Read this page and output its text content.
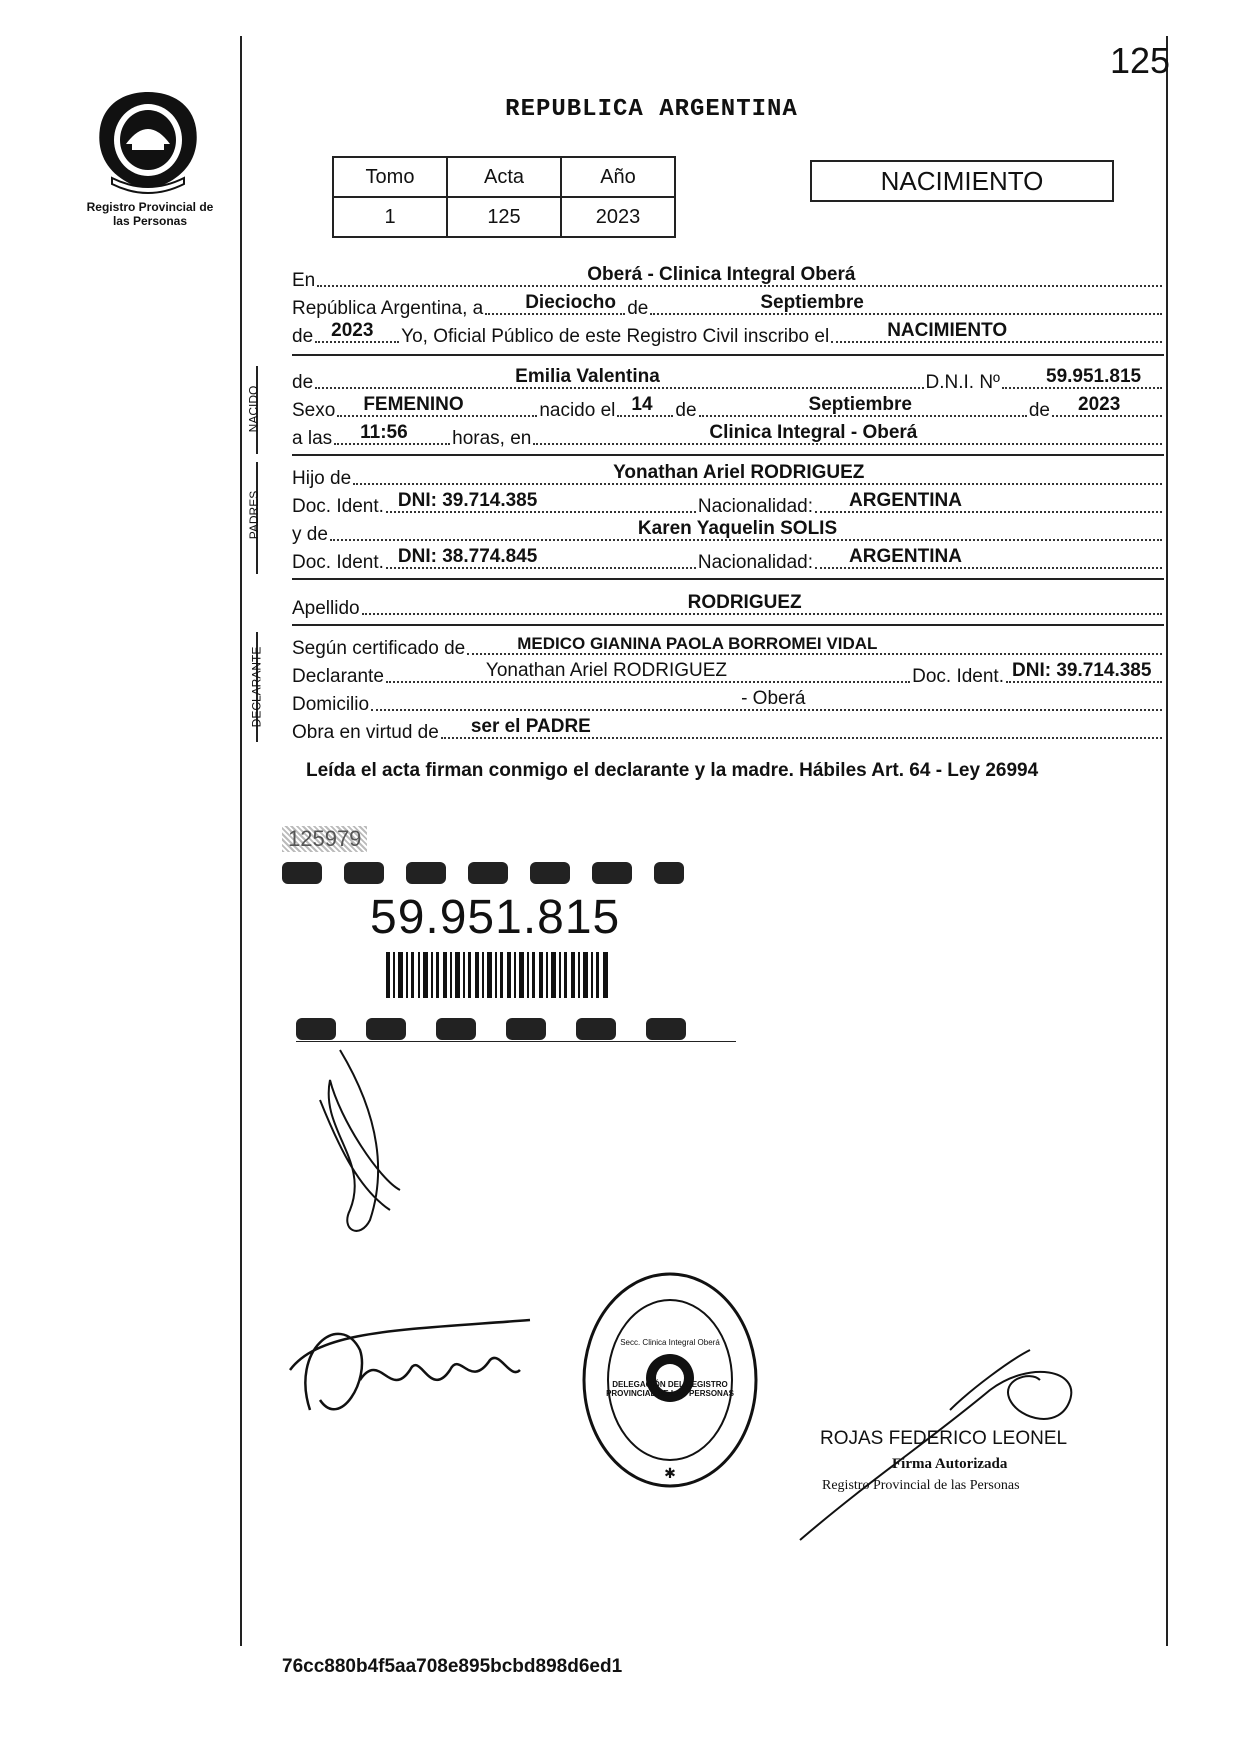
125
Registro Provincial de las Personas
REPUBLICA ARGENTINA
Tomo	Acta	Año
1	125	2023
NACIMIENTO
En	Oberá - Clinica Integral Oberá
República Argentina, a Dieciocho de	Septiembre
de 2023 Yo, Oficial Público de este Registro Civil inscribo el	NACIMIENTO
NACIDO
de	Emilia Valentina	D.N.I. Nº 59.951.815
Sexo FEMENINO	nacido el 14 de	Septiembre	de 2023
a las 11:56 horas, en	Clinica Integral - Oberá
PADRES
Hijo de	Yonathan Ariel RODRIGUEZ
Doc. Ident. DNI: 39.714.385	Nacionalidad: ARGENTINA
y de	Karen Yaquelin SOLIS
Doc. Ident. DNI: 38.774.845	Nacionalidad: ARGENTINA
Apellido	RODRIGUEZ
DECLARANTE Según certificado de	MEDICO GIANINA PAOLA BORROMEI VIDAL
Declarante	Yonathan Ariel RODRIGUEZ	Doc. Ident. DNI: 39.714.385
Domicilio	- Oberá
Obra en virtud de ser el PADRE
Leída el acta firman conmigo el declarante y la madre. Hábiles Art. 64 - Ley 26994
125979
59.951.815
✱
DELEGACIÓN DEL REGISTRO PROVINCIAL DE LAS PERSONAS
Secc. Clinica Integral Oberá
ROJAS FEDERICO LEONEL
Firma Autorizada
Registro Provincial de las Personas
76cc880b4f5aa708e895bcbd898d6ed1
